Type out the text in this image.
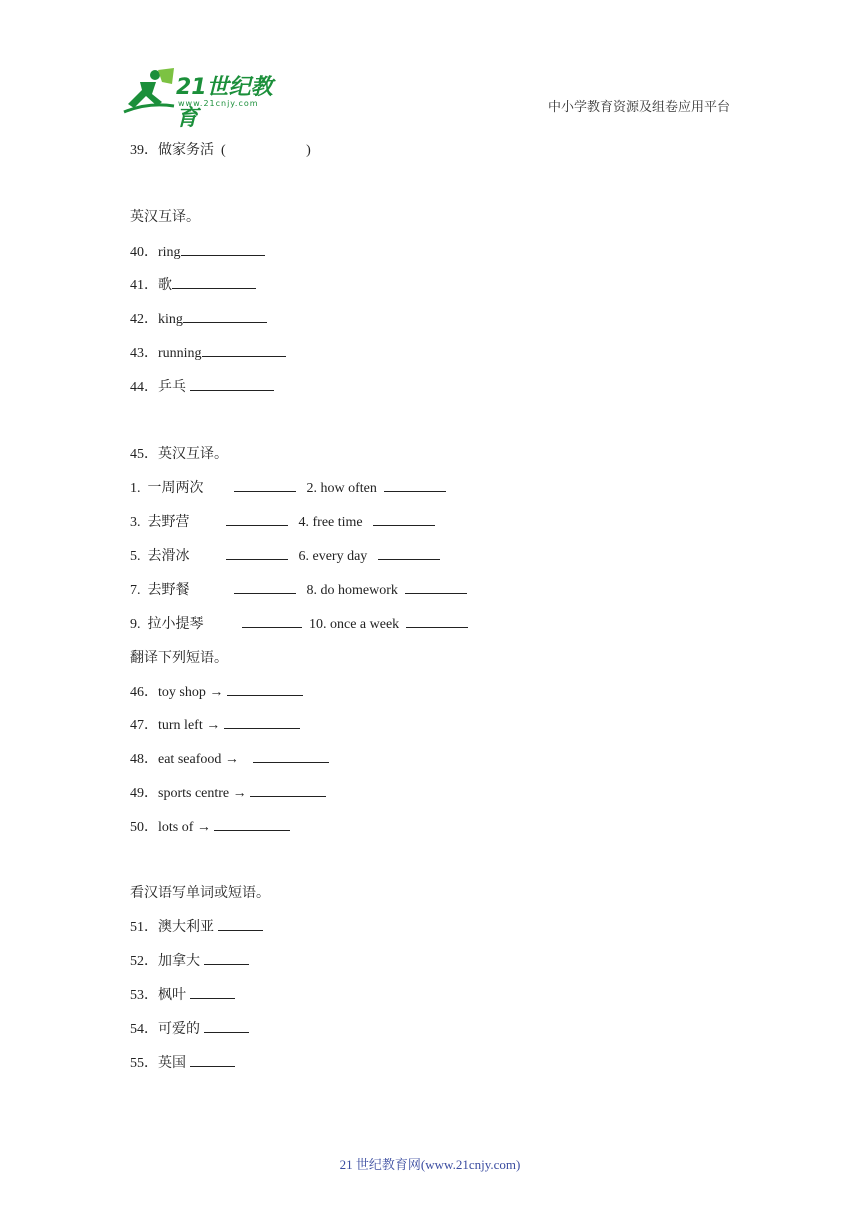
21世纪教育
www.21cnjy.com	中小学教育资源及组卷应用平台
39．做家务活  (                       )
英汉互译。
40．ring
41．歌
42．king
43．running
44．乒乓
45．英汉互译。
1.  一周两次	2. how often
3.  去野营	4. free time
5.  去滑冰	6. every day
7.  去野餐	8. do homework
9.  拉小提琴	10. once a week
翻译下列短语。
46．toy shop →
47．turn left →
48．eat seafood →
49．sports centre →
50．lots of →
看汉语写单词或短语。
51．澳大利亚
52．加拿大
53．枫叶
54．可爱的
55．英国
21 世纪教育网(www.21cnjy.com)
